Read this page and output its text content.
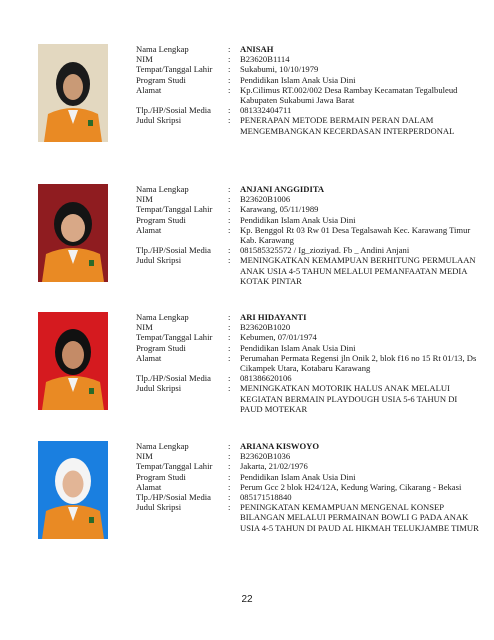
Nama Lengkap	:	ANISAH
NIM	:	B23620B1114
Tempat/Tanggal Lahir	:	Sukabumi, 10/10/1979
Program Studi	:	Pendidikan Islam Anak Usia Dini
Alamat	:	Kp.Cilimus RT.002/002 Desa Rambay Kecamatan Tegalbuleud Kabupaten Sukabumi Jawa Barat
Tlp./HP/Sosial Media	:	081332404711
Judul Skripsi	:	PENERAPAN METODE BERMAIN PERAN DALAM MENGEMBANGKAN KECERDASAN INTERPERDONAL
Nama Lengkap	:	ANJANI ANGGIDITA
NIM	:	B23620B1006
Tempat/Tanggal Lahir	:	Karawang, 05/11/1989
Program Studi	:	Pendidikan Islam Anak Usia Dini
Alamat	:	Kp. Benggol Rt 03 Rw 01 Desa Tegalsawah Kec. Karawang Timur Kab. Karawang
Tlp./HP/Sosial Media	:	081585325572 / Ig_zioziyad. Fb _ Andini Anjani
Judul Skripsi	:	MENINGKATKAN KEMAMPUAN BERHITUNG PERMULAAN ANAK USIA 4-5 TAHUN MELALUI PEMANFAATAN MEDIA KOTAK PINTAR
Nama Lengkap	:	ARI HIDAYANTI
NIM	:	B23620B1020
Tempat/Tanggal Lahir	:	Kebumen, 07/01/1974
Program Studi	:	Pendidikan Islam Anak Usia Dini
Alamat	:	Perumahan Permata Regensi jln Onik 2, blok f16 no 15 Rt 01/13, Ds Cikampek Utara, Kotabaru Karawang
Tlp./HP/Sosial Media	:	081386620106
Judul Skripsi	:	MENINGKATKAN MOTORIK HALUS ANAK MELALUI KEGIATAN BERMAIN PLAYDOUGH USIA 5-6 TAHUN DI PAUD MOTEKAR
Nama Lengkap	:	ARIANA KISWOYO
NIM	:	B23620B1036
Tempat/Tanggal Lahir	:	Jakarta, 21/02/1976
Program Studi	:	Pendidikan Islam Anak Usia Dini
Alamat	:	Perum Gcc 2 blok H24/12A, Kedung Waring, Cikarang - Bekasi
Tlp./HP/Sosial Media	:	085171518840
Judul Skripsi	:	PENINGKATAN KEMAMPUAN MENGENAL KONSEP BILANGAN MELALUI PERMAINAN BOWLI G PADA ANAK USIA 4-5 TAHUN DI PAUD AL HIKMAH TELUKJAMBE TIMUR
22
